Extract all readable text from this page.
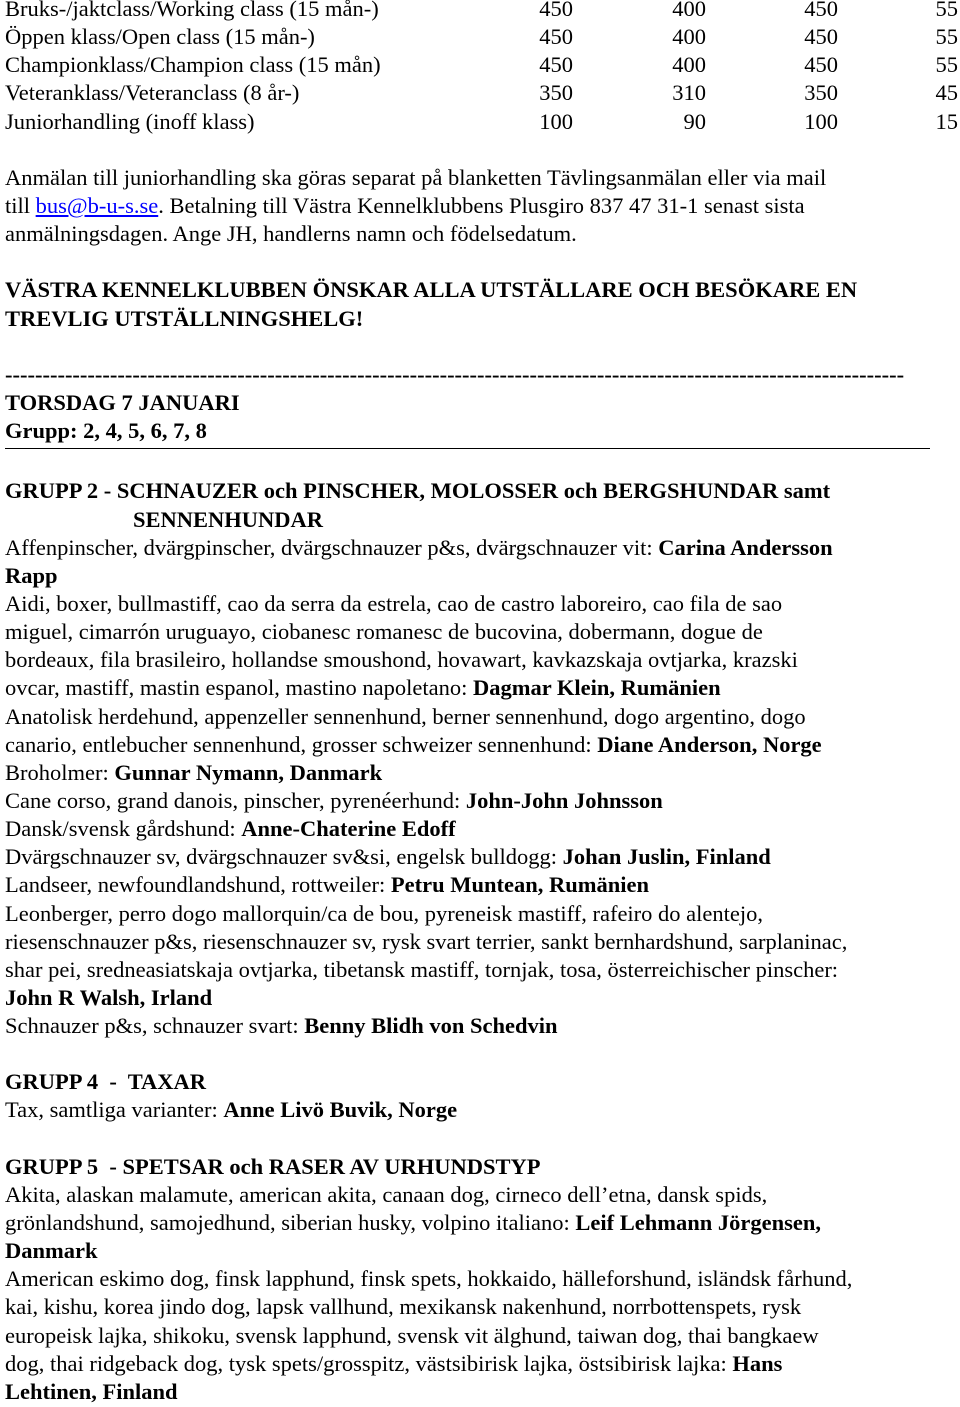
Bruks-/jaktclass/Working class (15 mån-)	450	400	450	55
Öppen klass/Open class (15 mån-)	450	400	450	55
Championklass/Champion class (15 mån)	450	400	450	55
Veteranklass/Veteranclass (8 år-)	350	310	350	45
Juniorhandling (inoff klass)	100	90	100	15
Anmälan till juniorhandling ska göras separat på blanketten Tävlingsanmälan eller via mail
till bus@b-u-s.se. Betalning till Västra Kennelklubbens Plusgiro 837 47 31-1 senast sista
anmälningsdagen. Ange JH, handlerns namn och födelsedatum.
VÄSTRA KENNELKLUBBEN ÖNSKAR ALLA UTSTÄLLARE OCH BESÖKARE EN
TREVLIG UTSTÄLLNINGSHELG!
------------------------------------------------------------------------------------------------------------------------
TORSDAG 7 JANUARI
Grupp: 2, 4, 5, 6, 7, 8
GRUPP 2 - SCHNAUZER och PINSCHER, MOLOSSER och BERGSHUNDAR samt
SENNENHUNDAR
Affenpinscher, dvärgpinscher, dvärgschnauzer p&s, dvärgschnauzer vit: Carina Andersson
Rapp
Aidi, boxer, bullmastiff, cao da serra da estrela, cao de castro laboreiro, cao fila de sao
miguel, cimarrón uruguayo, ciobanesc romanesc de bucovina, dobermann, dogue de
bordeaux, fila brasileiro, hollandse smoushond, hovawart, kavkazskaja ovtjarka, krazski
ovcar, mastiff, mastin espanol, mastino napoletano: Dagmar Klein, Rumänien
Anatolisk herdehund, appenzeller sennenhund, berner sennenhund, dogo argentino, dogo
canario, entlebucher sennenhund, grosser schweizer sennenhund: Diane Anderson, Norge
Broholmer: Gunnar Nymann, Danmark
Cane corso, grand danois, pinscher, pyrenéerhund: John-John Johnsson
Dansk/svensk gårdshund: Anne-Chaterine Edoff
Dvärgschnauzer sv, dvärgschnauzer sv&si, engelsk bulldogg: Johan Juslin, Finland
Landseer, newfoundlandshund, rottweiler: Petru Muntean, Rumänien
Leonberger, perro dogo mallorquin/ca de bou, pyreneisk mastiff, rafeiro do alentejo,
riesenschnauzer p&s, riesenschnauzer sv, rysk svart terrier, sankt bernhardshund, sarplaninac,
shar pei, sredneasiatskaja ovtjarka, tibetansk mastiff, tornjak, tosa, österreichischer pinscher:
John R Walsh, Irland
Schnauzer p&s, schnauzer svart: Benny Blidh von Schedvin
GRUPP 4  -  TAXAR
Tax, samtliga varianter: Anne Livö Buvik, Norge
GRUPP 5  - SPETSAR och RASER AV URHUNDSTYP
Akita, alaskan malamute, american akita, canaan dog, cirneco dell’etna, dansk spids,
grönlandshund, samojedhund, siberian husky, volpino italiano: Leif Lehmann Jörgensen,
Danmark
American eskimo dog, finsk lapphund, finsk spets, hokkaido, hälleforshund, isländsk fårhund,
kai, kishu, korea jindo dog, lapsk vallhund, mexikansk nakenhund, norrbottenspets, rysk
europeisk lajka, shikoku, svensk lapphund, svensk vit älghund, taiwan dog, thai bangkaew
dog, thai ridgeback dog, tysk spets/grosspitz, västsibirisk lajka, östsibirisk lajka: Hans
Lehtinen, Finland
